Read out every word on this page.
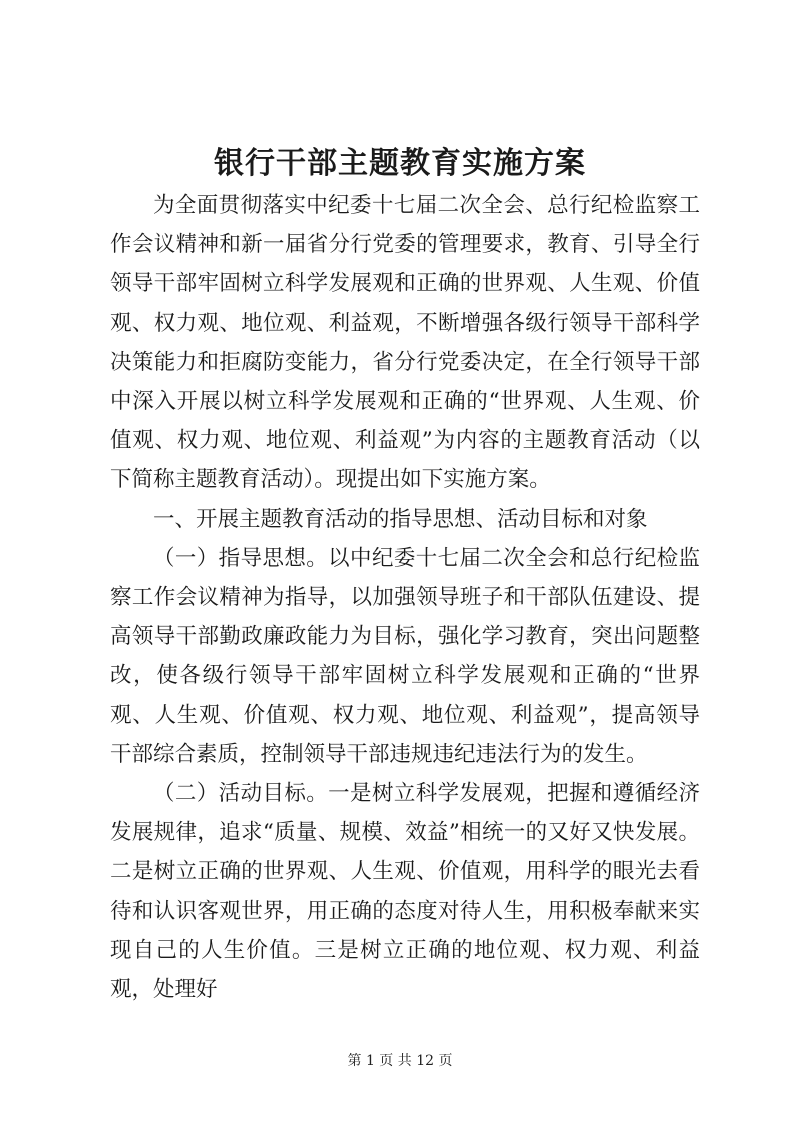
银行干部主题教育实施方案

为全面贯彻落实中纪委十七届二次全会、总行纪检监察工作会议精神和新一届省分行党委的管理要求，教育、引导全行领导干部牢固树立科学发展观和正确的世界观、人生观、价值观、权力观、地位观、利益观，不断增强各级行领导干部科学决策能力和拒腐防变能力，省分行党委决定，在全行领导干部中深入开展以树立科学发展观和正确的“世界观、人生观、价值观、权力观、地位观、利益观”为内容的主题教育活动（以下简称主题教育活动）。现提出如下实施方案。

一、开展主题教育活动的指导思想、活动目标和对象

（一）指导思想。以中纪委十七届二次全会和总行纪检监察工作会议精神为指导，以加强领导班子和干部队伍建设、提高领导干部勤政廉政能力为目标，强化学习教育，突出问题整改，使各级行领导干部牢固树立科学发展观和正确的“世界观、人生观、价值观、权力观、地位观、利益观”，提高领导干部综合素质，控制领导干部违规违纪违法行为的发生。

（二）活动目标。一是树立科学发展观，把握和遵循经济发展规律，追求“质量、规模、效益”相统一的又好又快发展。二是树立正确的世界观、人生观、价值观，用科学的眼光去看待和认识客观世界，用正确的态度对待人生，用积极奉献来实现自己的人生价值。三是树立正确的地位观、权力观、利益观，处理好

第 1 页 共 12 页
